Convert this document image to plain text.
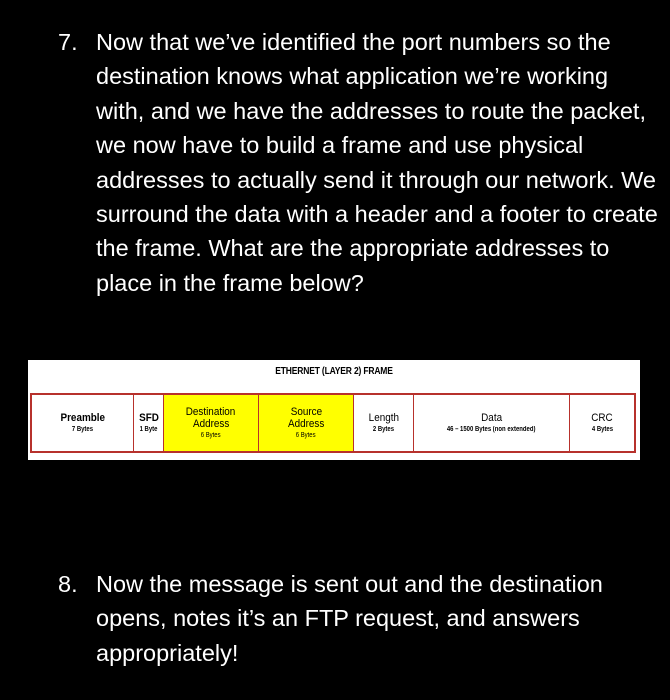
7. Now that we’ve identified the port numbers so the destination knows what application we’re working with, and we have the addresses to route the packet, we now have to build a frame and use physical addresses to actually send it through our network. We surround the data with a header and a footer to create the frame. What are the appropriate addresses to place in the frame below?

ETHERNET (LAYER 2) FRAME
Preamble
7 Bytes
SFD
1 Byte
Destination
Address
6 Bytes
Source
Address
6 Bytes
Length
2 Bytes
Data
46 – 1500 Bytes (non extended)
CRC
4 Bytes
8. Now the message is sent out and the destination opens, notes it’s an FTP request, and answers appropriately!
